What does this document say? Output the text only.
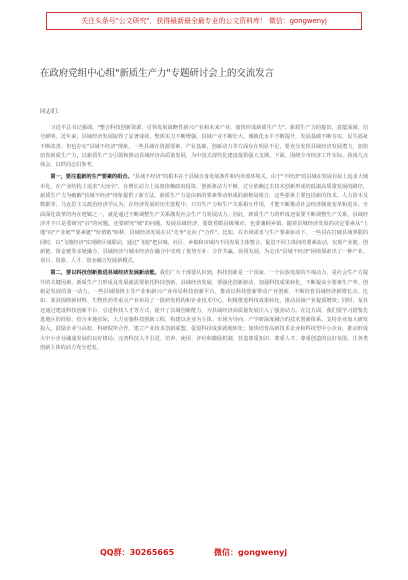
关注头条号"公文研究"，获得最新最全最专业的公文资料库！ 微信：gongwenyj
在政府党组中心组"新质生产力"专题研讨会上的交流发言
同志们：

习近平总书记强调，"整合科技创新资源，引领发展战略性新兴产业和未来产业，加快形成新质生产力"。新质生产力的提出，意蕴深刻、信号鲜明。近年来，县域经济发展取得了显著成效，整体实力不断增强。县域产业不断壮大，城镇化水平不断提升，发展基础不断夯实，民生福祉不断改善；但也存在"县域不经济"现象，一些县域在资源要素、产业基础、创新动力等方面存在明显不足，要充分发挥县域经济发展潜力，加快培育新质生产力，以新质生产力引领和推动县域经济高质量发展，为中国式现代化建设提供强大支撑。下面，围绕全市经济工作实际，我谈几点体会，以供同志们参考。

第一，要注重新的生产要素的组合。"县域不经济"的根本在于县域自身发展条件和内外部环境关，由于"不经济"的县域在发展目标上追求大城市化，在产业结构上追求"大而全"，在增长动力上高度依赖政府投资，创新驱动力不够，过分依赖过去技术创新形成的低端高质量发展的路径，新质生产力为破解"县域不经济"现象提供了新方法。新质生产力是由新的要素带动形成的新格局组合，这些要素主要包括新的技术、人力资本及数据等。马克思主义政治经济学认为，在经济发展的历史进程中，只有生产力和生产关系相互作用，才能不断推动社会经济制度变革和进步。全面深化改革的内在逻辑之一，就是通过不断调整生产关系激发社会生产力发展活力。因此，新质生产力的形成还需要不断调整生产关系，县域经济并不只是要研究"县"的问题，还要研究"城"的问题。发展县域经济，要既着眼县级城市，也要兼顾乡镇，随着县城经济发展的决定要素从"土地"向"产业链""要素链""价值链"转移，县域经济发展在认"竞争"走向了"合作"。比如，在市场需求与生产要素驱动下，一些县在打破县域界限的同时，以"飞地经济"实现跨区域联动，通过"飞地"把县城、社区、乡镇和市域内不同发展主体整合，促进不同主体间的要素流动，实现产业链、创新链、资金链等多链融合，县域经济与城市经济在融合中实现了优势互补、合作共赢、协同发展，为走出"县域不经济"困境探索出了一种产业、项目、资源、人才、资金融合发展新模式。

第二，要以科技创新推进县域经济发展新动能。我们广大干部要认识到，科技创新是一个国家、一个民族发展的不竭动力，是社会生产力提升的关键因素。新质生产力形成及发展就需要依托科技创新，县域经济发展，要强化创新驱动，加强科技成果转化，不断提高全要素生产率。创新是发展的第一动力，一些县域围绕主导产业和新兴产业布局科技创新平台，推动以科技创新带动产业创新，不断培育县域经济新增长点。比如，某县围绕新材料、生物医药等重点产业布局了一批研发机构和企业技术中心，积极推进科技成果转化，推动县域产业提质增效；同时，某县还通过建设科技创新平台、引进科技人才等方式，提升了县域创新能力，为县域经济高质量发展注入了强劲动力。在这方面，我们要学习借鉴先进地区的经验，结合本地实际，大力实施科技创新工程，构建以企业为主体、市场为导向、产学研深度融合的技术创新体系。支持企业加大研发投入，鼓励企业与高校、科研院所合作，建立产业技术创新联盟，促进科技成果就地转化；加快培育高新技术企业和科技型中小企业，推动形成大中小企业融通发展的良好格局；完善科技人才引进、培养、使用、评价和激励机制，营造尊重知识、尊重人才、尊重创造的良好氛围，让各类创新主体的活力充分迸发。

QQ群：30265665	微信：gongwenyj
